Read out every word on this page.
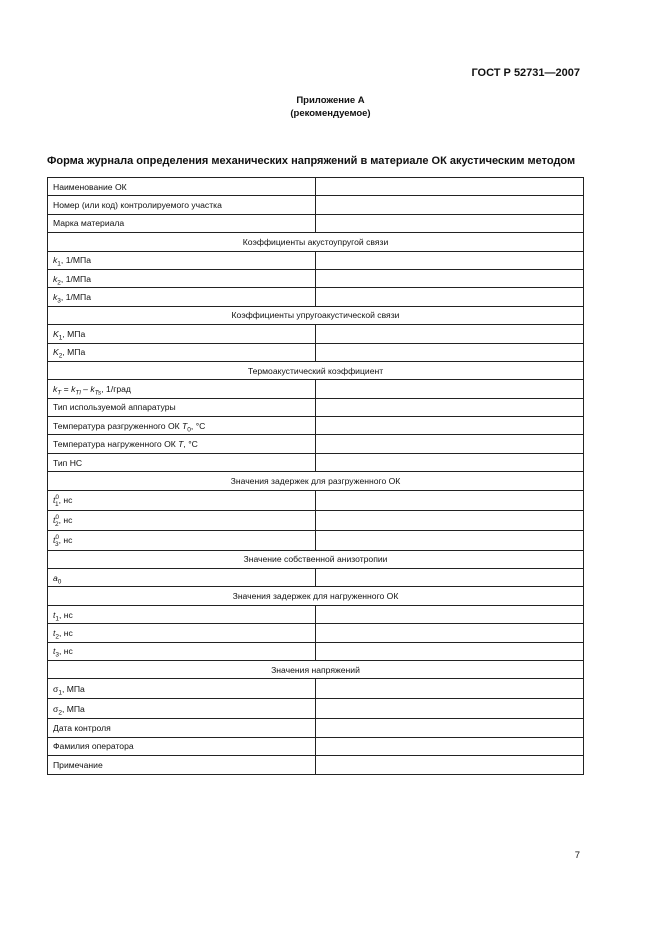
ГОСТ Р 52731—2007
Приложение А
(рекомендуемое)
Форма журнала определения механических напряжений в материале ОК акустическим методом
Наименование ОК	
Номер (или код) контролируемого участка	
Марка материала	
Коэффициенты акустоупругой связи	
$k_1$, 1/МПа	
$k_2$, 1/МПа	
$k_3$, 1/МПа	
Коэффициенты упругоакустической связи	
$K_1$, МПа	
$K_2$, МПа	
Термоакустический коэффициент	
$k_T = k_{Tl} - k_{Ts}$, 1/град	
Тип используемой аппаратуры	
Температура разгруженного ОК $T_0$, °С	
Температура нагруженного ОК T, °С	
Тип НС	
Значения задержек для разгруженного ОК	
$t^0_1$, нс	
$t^0_2$, нс	
$t^0_3$, нс	
Значение собственной анизотропии	
$a_0$	
Значения задержек для нагруженного ОК	
$t_1$, нс	
$t_2$, нс	
$t_3$, нс	
Значения напряжений	
$\sigma_1$, МПа	
$\sigma_2$, МПа	
Дата контроля	
Фамилия оператора	
Примечание	
7
